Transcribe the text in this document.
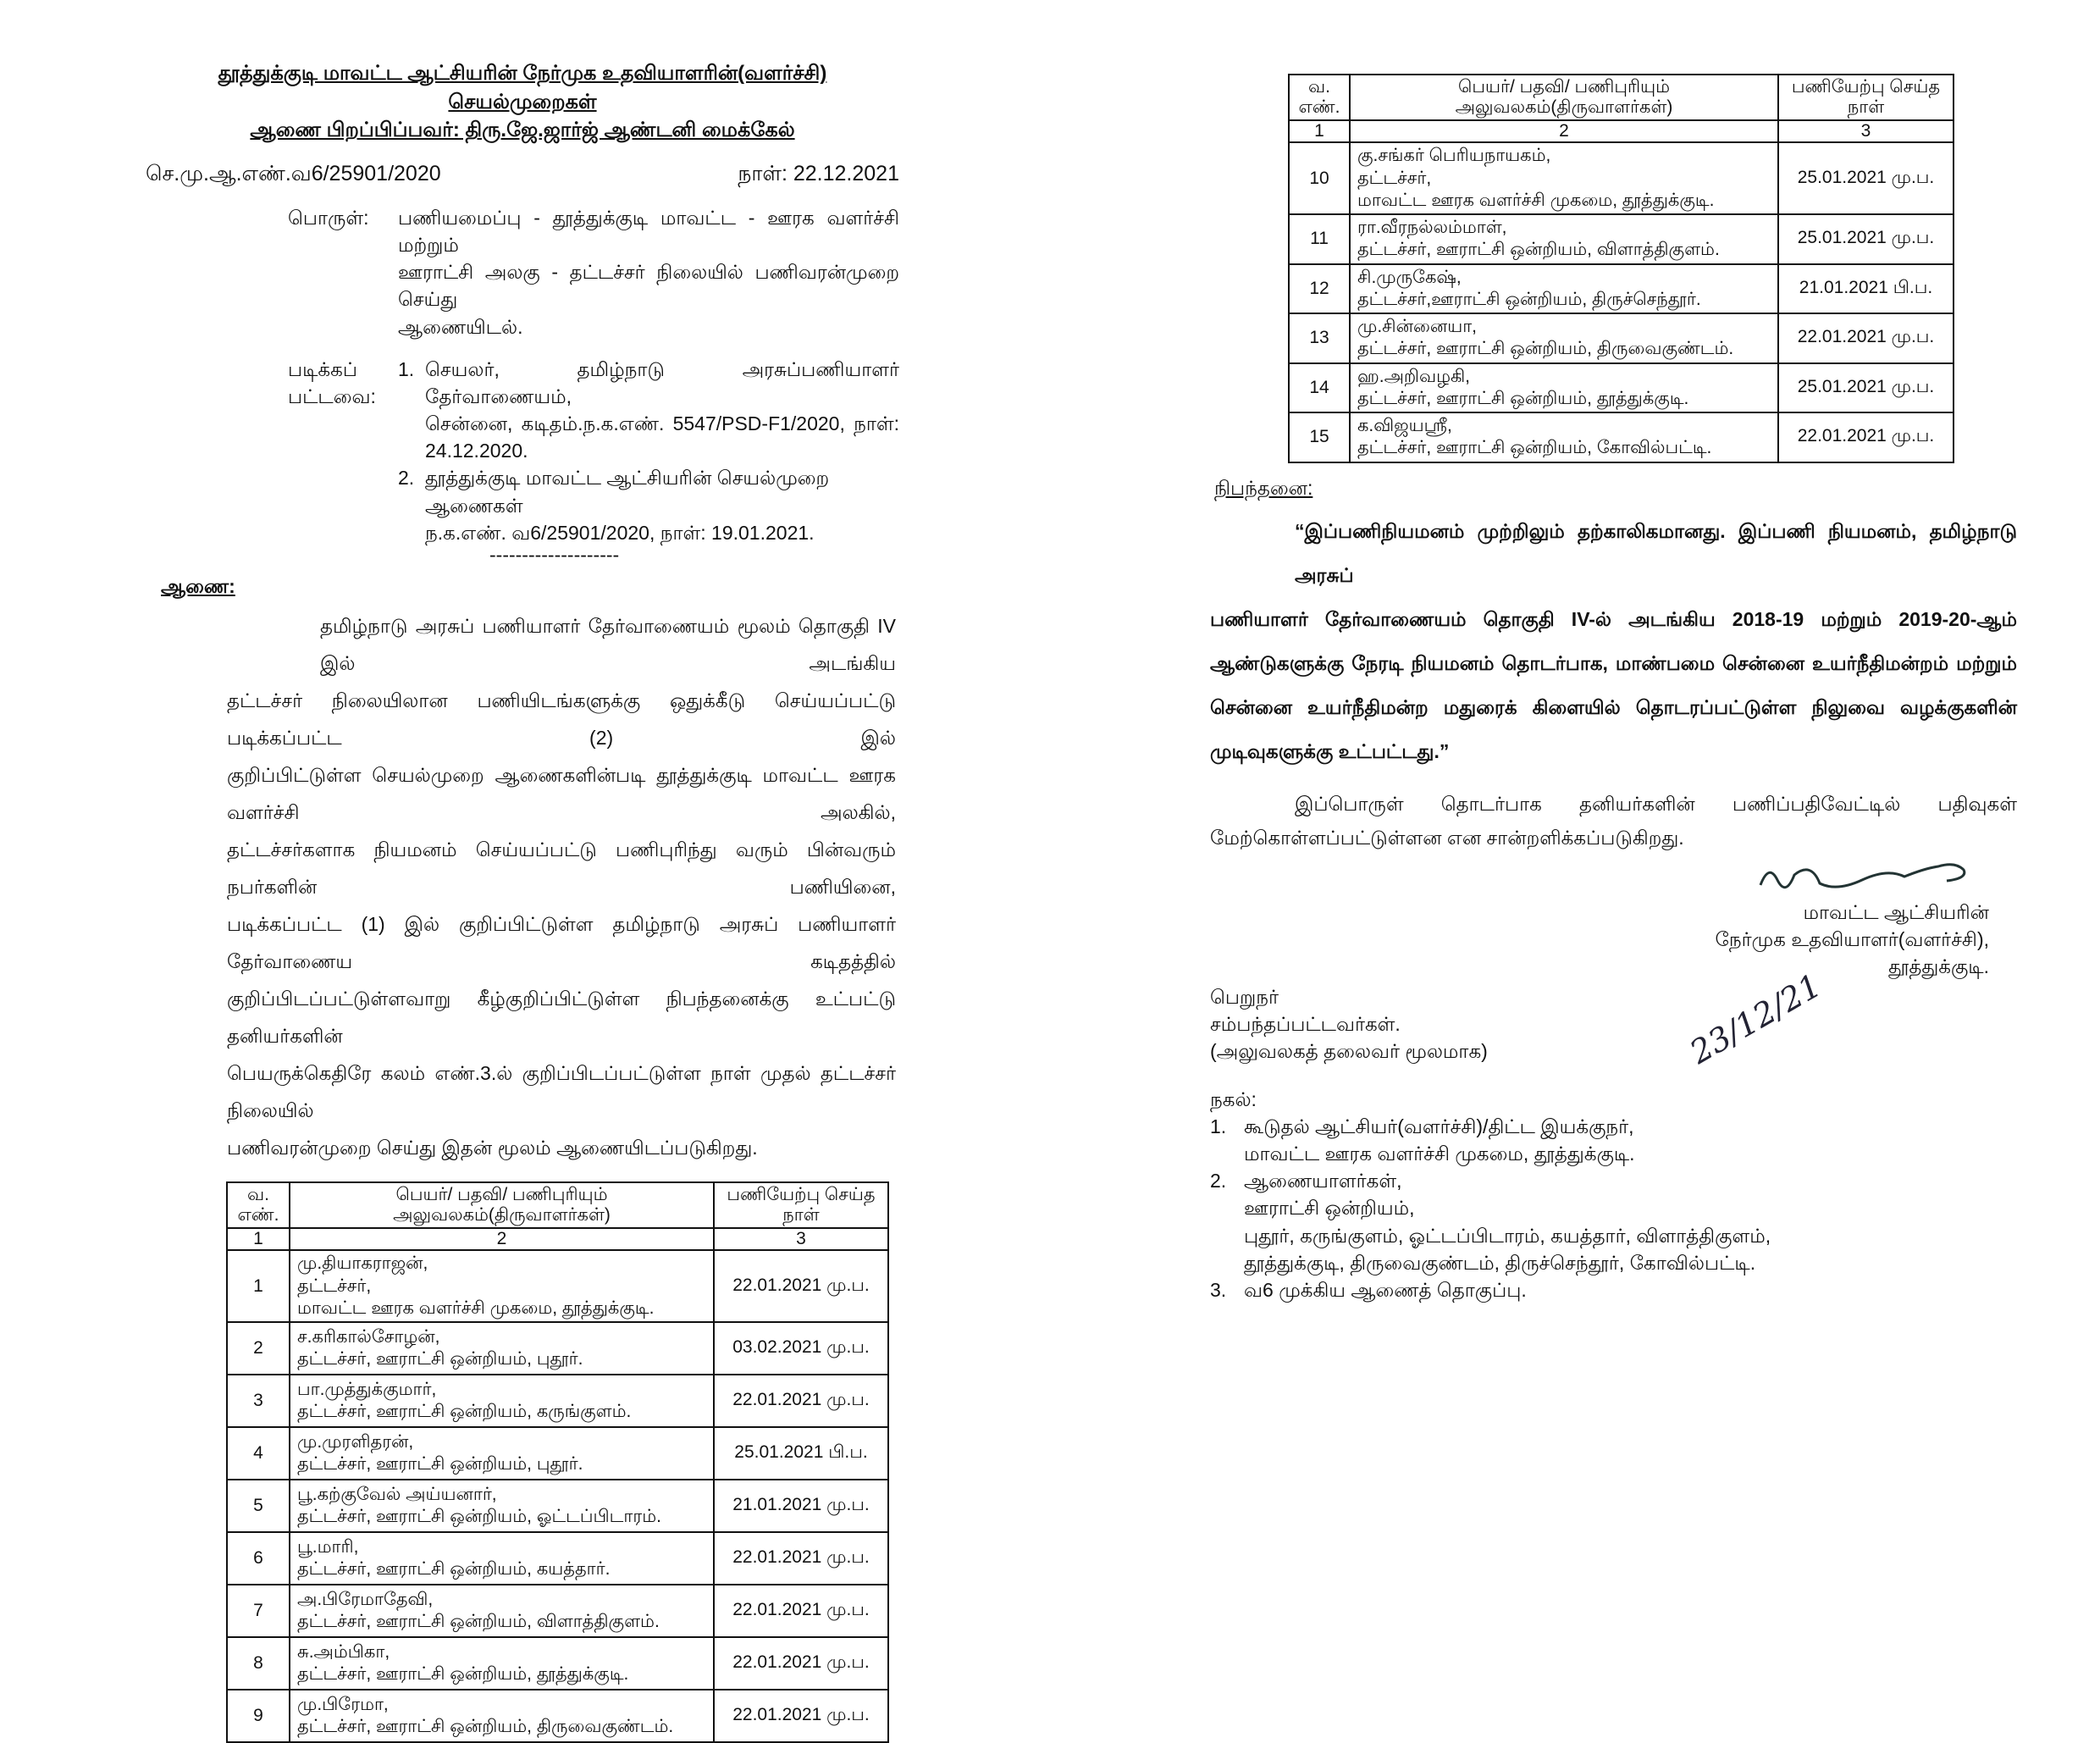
தூத்துக்குடி மாவட்ட ஆட்சியரின் நேர்முக உதவியாளரின்(வளர்ச்சி) செயல்முறைகள்
ஆணை பிறப்பிப்பவர்: திரு.ஜே.ஜார்ஜ் ஆண்டனி மைக்கேல்
செ.மு.ஆ.எண்.வ6/25901/2020	நாள்: 22.12.2021
பொருள்:	பணியமைப்பு - தூத்துக்குடி மாவட்ட - ஊரக வளர்ச்சி மற்றும்
ஊராட்சி அலகு - தட்டச்சர் நிலையில் பணிவரன்முறை செய்து
ஆணையிடல்.
படிக்கப்
பட்டவை:
1. செயலர், தமிழ்நாடு அரசுப்பணியாளர் தேர்வாணையம்,
சென்னை, கடிதம்.ந.க.எண். 5547/PSD-F1/2020, நாள்:
24.12.2020.
2. தூத்துக்குடி மாவட்ட ஆட்சியரின் செயல்முறை ஆணைகள்
ந.க.எண். வ6/25901/2020, நாள்: 19.01.2021.
--------------------
ஆணை:

தமிழ்நாடு அரசுப் பணியாளர் தேர்வாணையம் மூலம் தொகுதி IV இல் அடங்கிய

தட்டச்சர் நிலையிலான பணியிடங்களுக்கு ஒதுக்கீடு செய்யப்பட்டு படிக்கப்பட்ட (2) இல்

குறிப்பிட்டுள்ள செயல்முறை ஆணைகளின்படி தூத்துக்குடி மாவட்ட ஊரக வளர்ச்சி அலகில்,

தட்டச்சர்களாக நியமனம் செய்யப்பட்டு பணிபுரிந்து வரும் பின்வரும் நபர்களின் பணியினை,

படிக்கப்பட்ட (1) இல் குறிப்பிட்டுள்ள தமிழ்நாடு அரசுப் பணியாளர் தேர்வாணைய கடிதத்தில்

குறிப்பிடப்பட்டுள்ளவாறு கீழ்குறிப்பிட்டுள்ள நிபந்தனைக்கு உட்பட்டு தனியர்களின்

பெயருக்கெதிரே கலம் எண்.3.ல் குறிப்பிடப்பட்டுள்ள நாள் முதல் தட்டச்சர் நிலையில்

பணிவரன்முறை செய்து இதன் மூலம் ஆணையிடப்படுகிறது.

வ. எண்.	பெயர்/ பதவி/ பணிபுரியும் அலுவலகம்(திருவாளர்கள்)	பணியேற்பு செய்த நாள்
1	2	3
1	மு.தியாகராஜன்,
தட்டச்சர்,
மாவட்ட ஊரக வளர்ச்சி முகமை, தூத்துக்குடி.	22.01.2021 மு.ப.
2	ச.கரிகால்சோழன்,
தட்டச்சர், ஊராட்சி ஒன்றியம், புதூர்.	03.02.2021 மு.ப.
3	பா.முத்துக்குமார்,
தட்டச்சர், ஊராட்சி ஒன்றியம், கருங்குளம்.	22.01.2021 மு.ப.
4	மு.முரளிதரன்,
தட்டச்சர், ஊராட்சி ஒன்றியம், புதூர்.	25.01.2021 பி.ப.
5	பூ.கற்குவேல் அய்யனார்,
தட்டச்சர், ஊராட்சி ஒன்றியம், ஓட்டப்பிடாரம்.	21.01.2021 மு.ப.
6	பூ.மாரி,
தட்டச்சர், ஊராட்சி ஒன்றியம், கயத்தார்.	22.01.2021 மு.ப.
7	அ.பிரேமாதேவி,
தட்டச்சர், ஊராட்சி ஒன்றியம், விளாத்திகுளம்.	22.01.2021 மு.ப.
8	சு.அம்பிகா,
தட்டச்சர், ஊராட்சி ஒன்றியம், தூத்துக்குடி.	22.01.2021 மு.ப.
9	மு.பிரேமா,
தட்டச்சர், ஊராட்சி ஒன்றியம், திருவைகுண்டம்.	22.01.2021 மு.ப.
வ. எண்.	பெயர்/ பதவி/ பணிபுரியும் அலுவலகம்(திருவாளர்கள்)	பணியேற்பு செய்த நாள்
1	2	3
10	கு.சங்கர் பெரியநாயகம்,
தட்டச்சர்,
மாவட்ட ஊரக வளர்ச்சி முகமை, தூத்துக்குடி.	25.01.2021 மு.ப.
11	ரா.வீரநல்லம்மாள்,
தட்டச்சர், ஊராட்சி ஒன்றியம், விளாத்திகுளம்.	25.01.2021 மு.ப.
12	சி.முருகேஷ்,
தட்டச்சர்,ஊராட்சி ஒன்றியம், திருச்செந்தூர்.	21.01.2021 பி.ப.
13	மு.சின்னையா,
தட்டச்சர், ஊராட்சி ஒன்றியம், திருவைகுண்டம்.	22.01.2021 மு.ப.
14	ஹ.அறிவழகி,
தட்டச்சர், ஊராட்சி ஒன்றியம், தூத்துக்குடி.	25.01.2021 மு.ப.
15	க.விஜயஸ்ரீ,
தட்டச்சர், ஊராட்சி ஒன்றியம், கோவில்பட்டி.	22.01.2021 மு.ப.
நிபந்தனை:

“இப்பணிநியமனம் முற்றிலும் தற்காலிகமானது. இப்பணி நியமனம், தமிழ்நாடு அரசுப்

பணியாளர் தேர்வாணையம் தொகுதி IV-ல் அடங்கிய 2018-19 மற்றும் 2019-20-ஆம்

ஆண்டுகளுக்கு நேரடி நியமனம் தொடர்பாக, மாண்பமை சென்னை உயர்நீதிமன்றம் மற்றும்

சென்னை உயர்நீதிமன்ற மதுரைக் கிளையில் தொடரப்பட்டுள்ள நிலுவை வழக்குகளின்

முடிவுகளுக்கு உட்பட்டது.”

இப்பொருள் தொடர்பாக தனியர்களின் பணிப்பதிவேட்டில் பதிவுகள்
மேற்கொள்ளப்பட்டுள்ளன என சான்றளிக்கப்படுகிறது.
மாவட்ட ஆட்சியரின்
நேர்முக உதவியாளர்(வளர்ச்சி),
தூத்துக்குடி.
பெறுநர்
சம்பந்தப்பட்டவர்கள்.
(அலுவலகத் தலைவர் மூலமாக)	23/12/21
நகல்:
1. கூடுதல் ஆட்சியர்(வளர்ச்சி)/திட்ட இயக்குநர்,
மாவட்ட ஊரக வளர்ச்சி முகமை, தூத்துக்குடி.
2. ஆணையாளர்கள்,
ஊராட்சி ஒன்றியம்,
புதூர், கருங்குளம், ஓட்டப்பிடாரம், கயத்தார், விளாத்திகுளம்,
தூத்துக்குடி, திருவைகுண்டம், திருச்செந்தூர், கோவில்பட்டி.
3. வ6 முக்கிய ஆணைத் தொகுப்பு.
